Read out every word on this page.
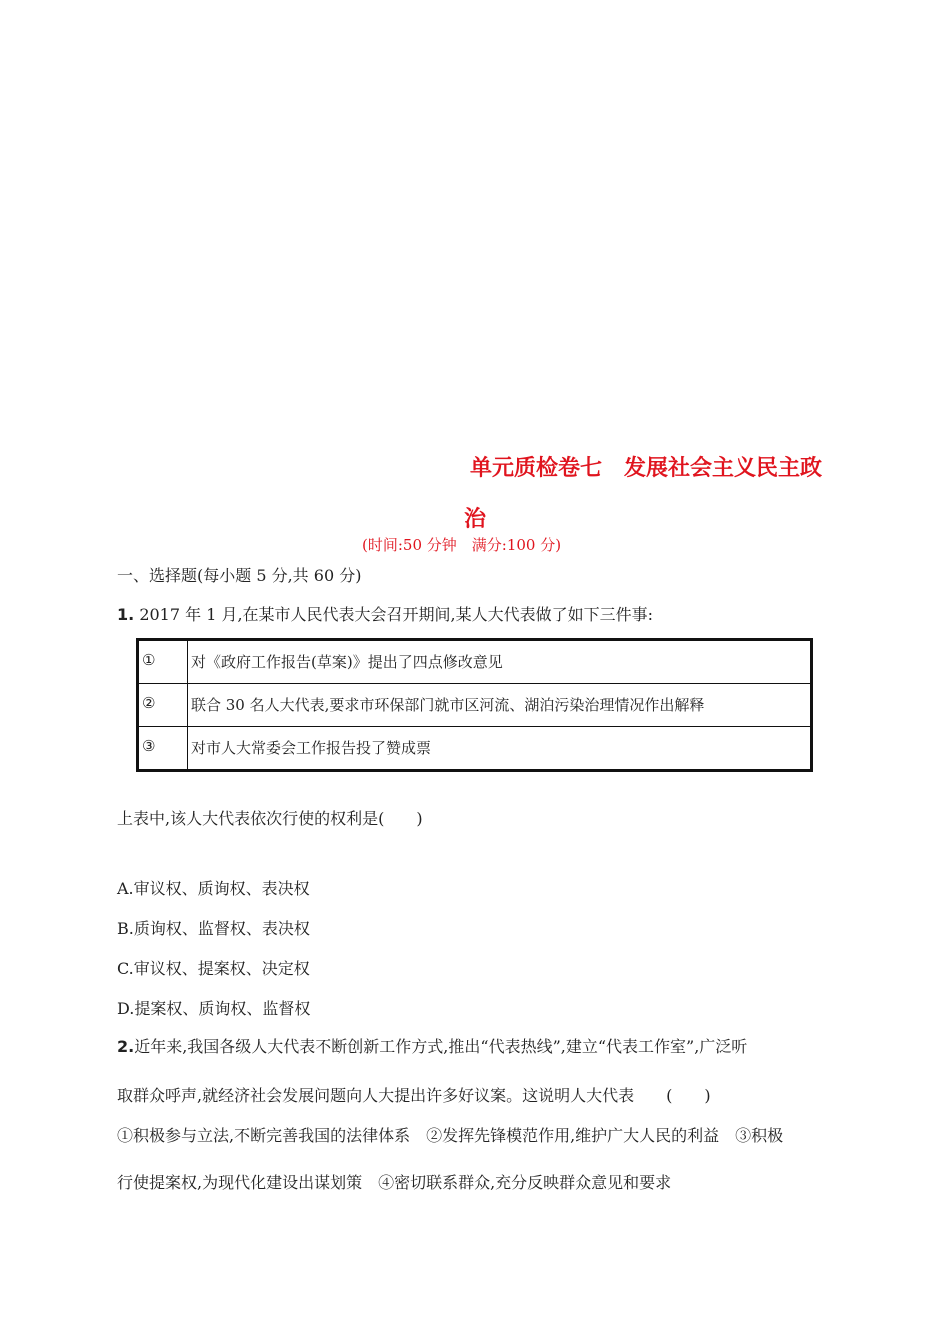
单元质检卷七　发展社会主义民主政
治
(时间:50 分钟　满分:100 分)
一、选择题(每小题 5 分,共 60 分)
1. 2017 年 1 月,在某市人民代表大会召开期间,某人大代表做了如下三件事:
①	对《政府工作报告(草案)》提出了四点修改意见
②	联合 30 名人大代表,要求市环保部门就市区河流、湖泊污染治理情况作出解释
③	对市人大常委会工作报告投了赞成票
上表中,该人大代表依次行使的权利是(　　)
A.审议权、质询权、表决权
B.质询权、监督权、表决权
C.审议权、提案权、决定权
D.提案权、质询权、监督权
2.近年来,我国各级人大代表不断创新工作方式,推出“代表热线”,建立“代表工作室”,广泛听
取群众呼声,就经济社会发展问题向人大提出许多好议案。这说明人大代表　　(　　)
①积极参与立法,不断完善我国的法律体系　②发挥先锋模范作用,维护广大人民的利益　③积极
行使提案权,为现代化建设出谋划策　④密切联系群众,充分反映群众意见和要求
